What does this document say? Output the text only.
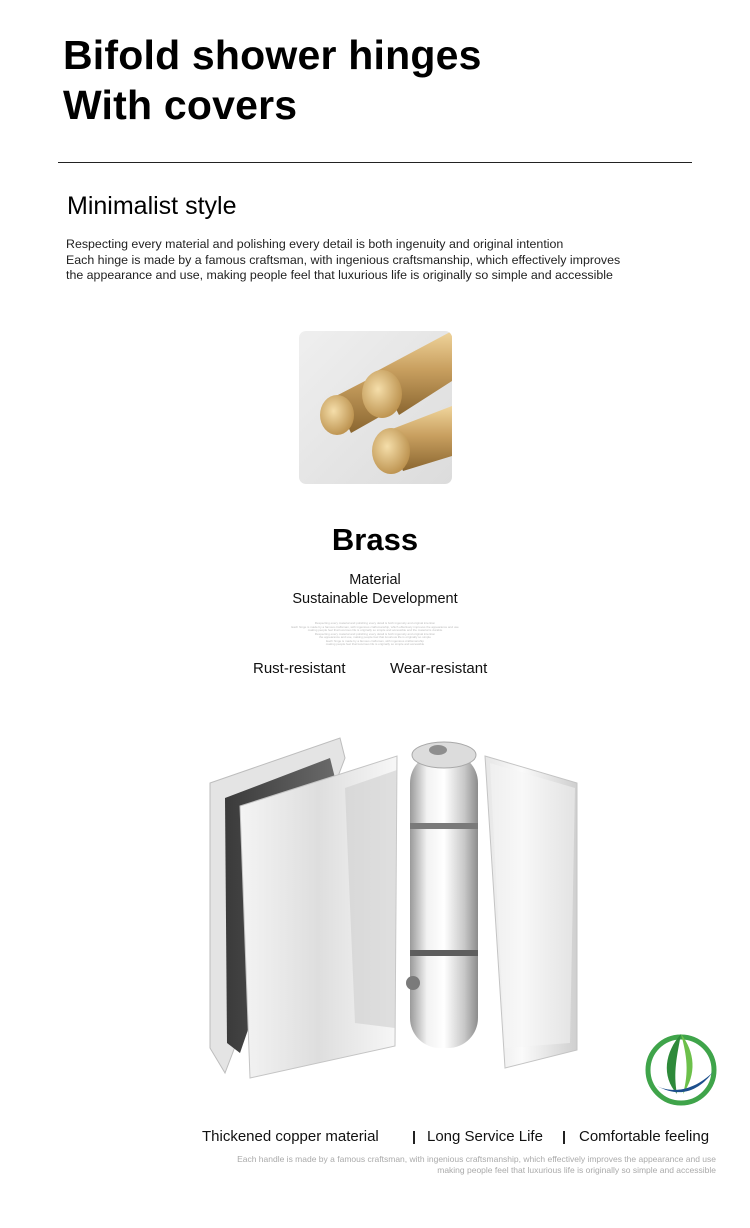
Bifold shower hinges
With covers
Minimalist style
Respecting every material and polishing every detail is both ingenuity and original intention
Each hinge is made by a famous craftsman, with ingenious craftsmanship, which effectively improves
the appearance and use, making people feel that luxurious life is originally so simple and accessible
Brass
Material
Sustainable Development
Respecting every material and polishing every detail is both ingenuity and original intention
Each hinge is made by a famous craftsman, with ingenious craftsmanship, which effectively improves the appearance and use
making people feel that luxurious life is originally so simple and accessible and the material is durable
Respecting every material and polishing every detail is both ingenuity and original intention
the appearance and use, making people feel that luxurious life is originally so simple
Each hinge is made by a famous craftsman, with ingenious craftsmanship
making people feel that luxurious life is originally so simple and accessible
Rust-resistant	Wear-resistant
Thickened copper material	Long Service Life Comfortable feeling
Each handle is made by a famous craftsman, with ingenious craftsmanship, which effectively improves the appearance and use
making people feel that luxurious life is originally so simple and accessible
